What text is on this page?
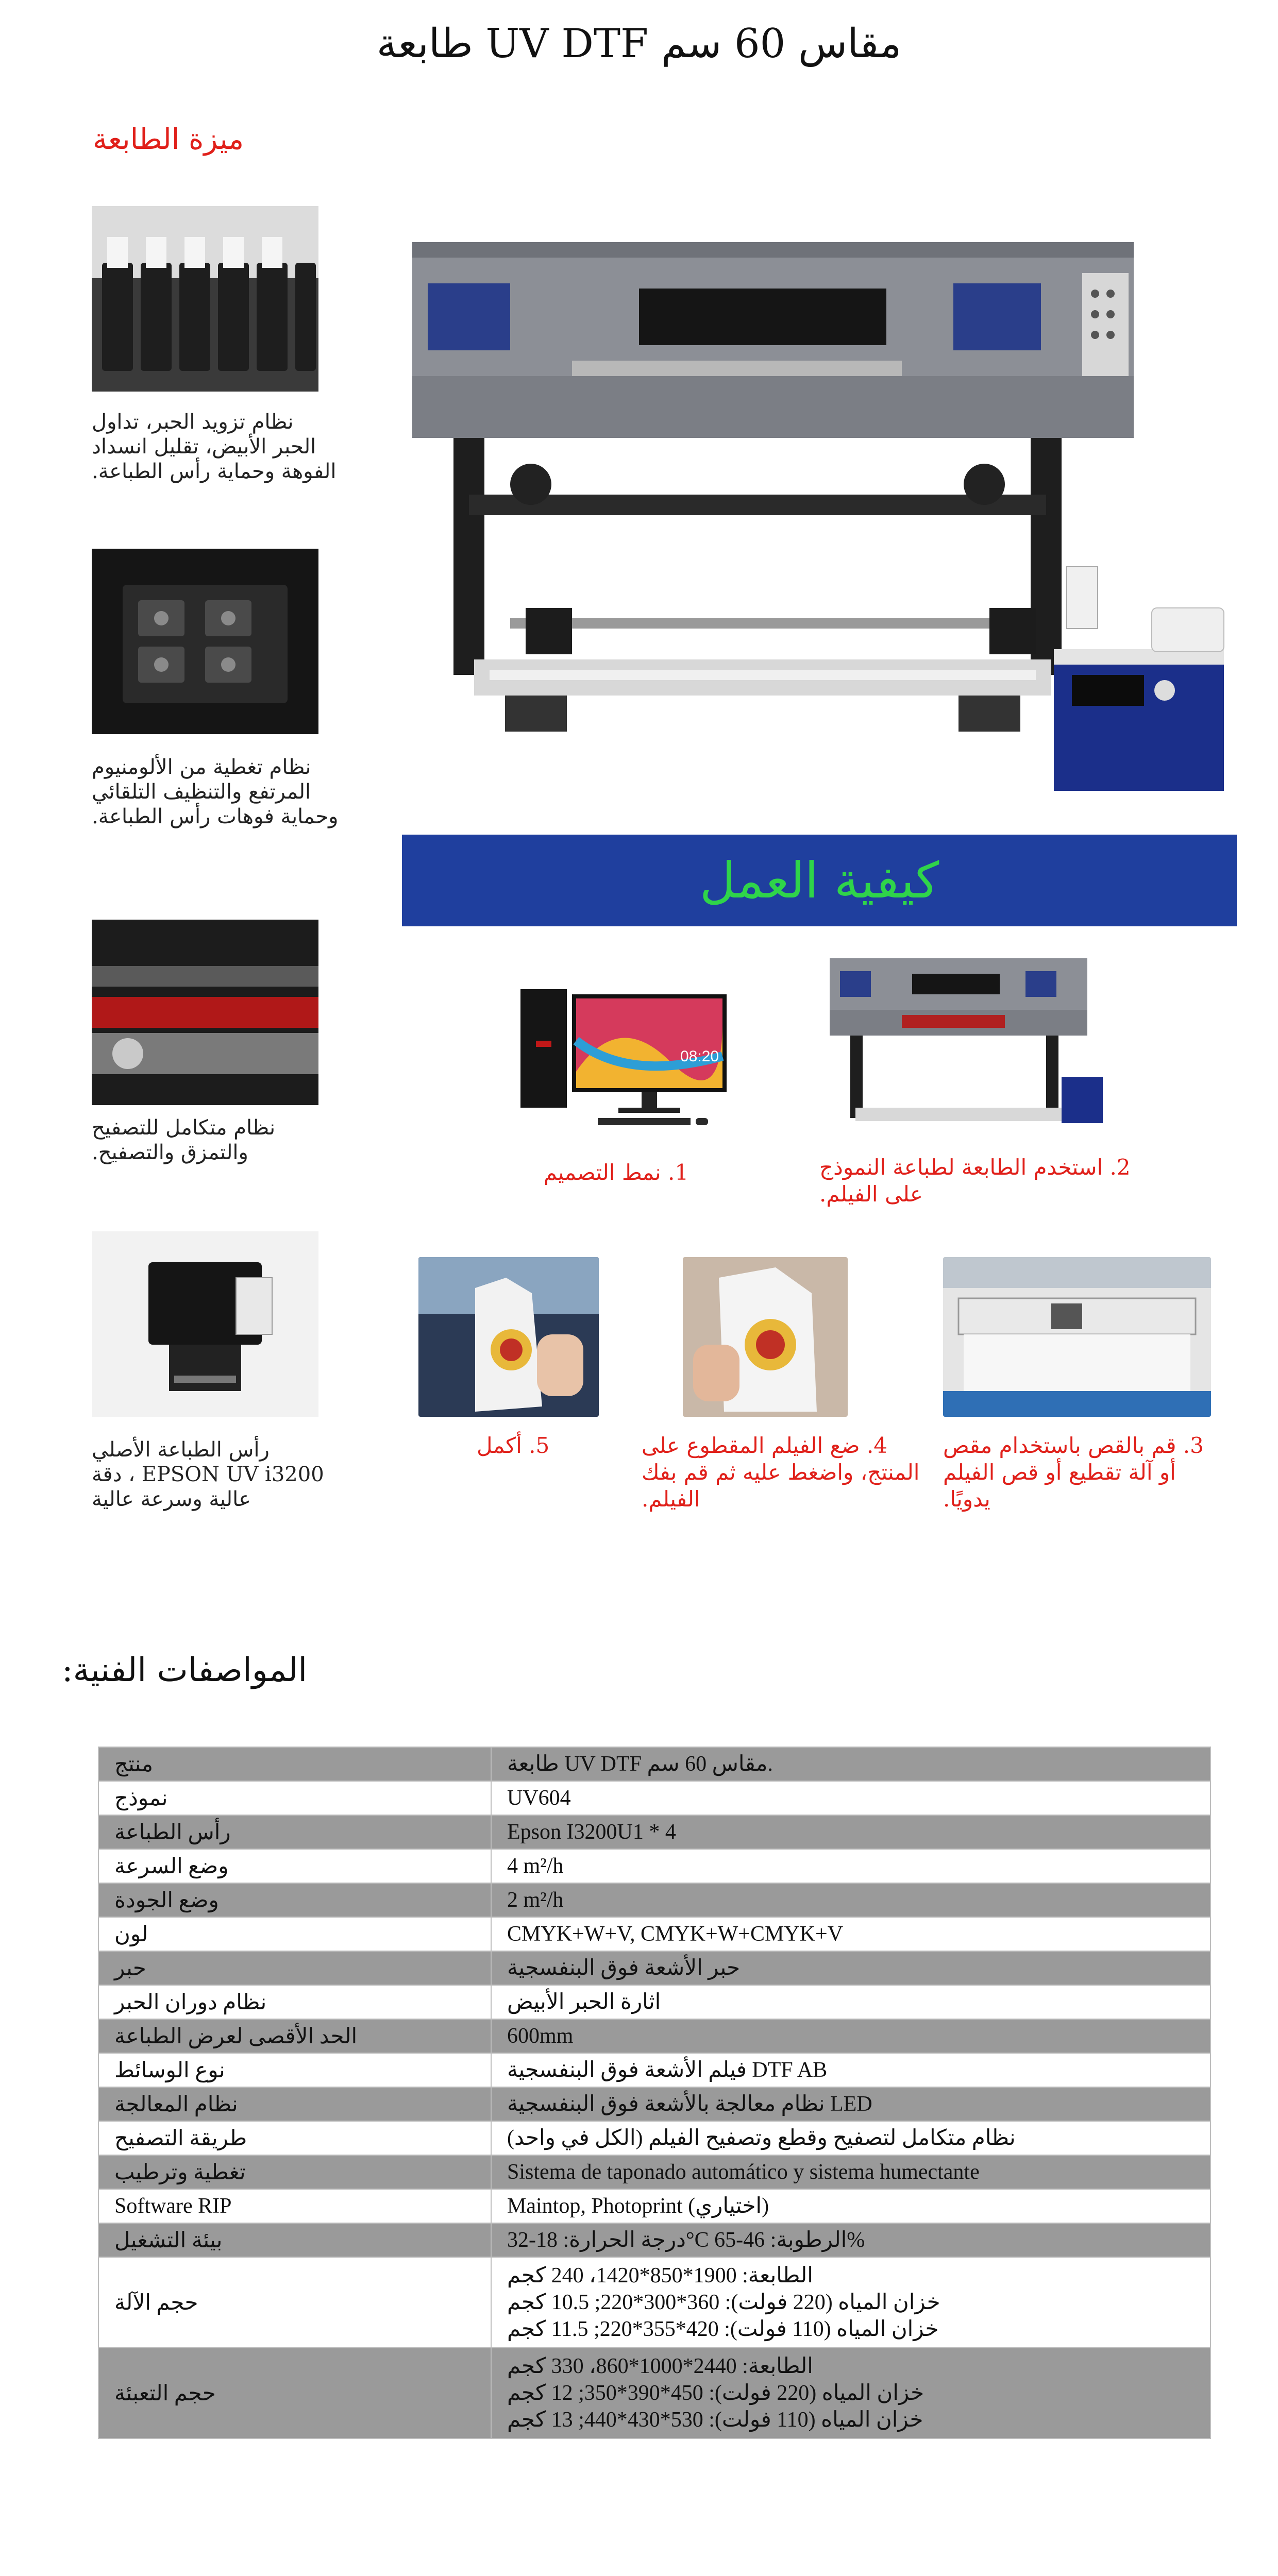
طابعة UV DTF مقاس 60 سم
ميزة الطابعة
نظام تزويد الحبر، تداول الحبر الأبيض، تقليل انسداد الفوهة وحماية رأس الطباعة.
نظام تغطية من الألومنيوم المرتفع والتنظيف التلقائي وحماية فوهات رأس الطباعة.
نظام متكامل للتصفيح والتمزق والتصفيح.
رأس الطباعة الأصلي EPSON UV i3200 ، دقة عالية وسرعة عالية
كيفية العمل
08:20
1. نمط التصميم	2. استخدم الطابعة لطباعة النموذج على الفيلم.
5. أكمل	4. ضع الفيلم المقطوع على المنتج، واضغط عليه ثم قم بفك الفيلم.
3. قم بالقص باستخدام مقص أو آلة تقطيع أو قص الفيلم يدويًا.
المواصفات الفنية:
منتج	طابعة UV DTF مقاس 60 سم.

نموذج	UV604

رأس الطباعة	Epson I3200U1 * 4

وضع السرعة	4 m²/h

وضع الجودة	2 m²/h

لون	CMYK+W+V, CMYK+W+CMYK+V

حبر	حبر الأشعة فوق البنفسجية

نظام دوران الحبر	اثارة الحبر الأبيض

الحد الأقصى لعرض الطباعة	600mm

نوع الوسائط	فيلم الأشعة فوق البنفسجية DTF AB

نظام المعالجة	نظام معالجة بالأشعة فوق البنفسجية LED

طريقة التصفيح	نظام متكامل لتصفيح وقطع وتصفيح الفيلم (الكل في واحد)

تغطية وترطيب	Sistema de taponado automático y sistema humectante

Software RIP	Maintop, Photoprint (اختياري)

بيئة التشغيل	درجة الحرارة: 18-32°C الرطوبة: 46-65%

حجم الآلة	الطابعة: 1900*850*1420، 240 كجم
خزان المياه (220 فولت): 360*300*220; 10.5 كجم
خزان المياه (110 فولت): 420*355*220; 11.5 كجم

حجم التعبئة	الطابعة: 2440*1000*860، 330 كجم
خزان المياه (220 فولت): 450*390*350; 12 كجم
خزان المياه (110 فولت): 530*430*440; 13 كجم
